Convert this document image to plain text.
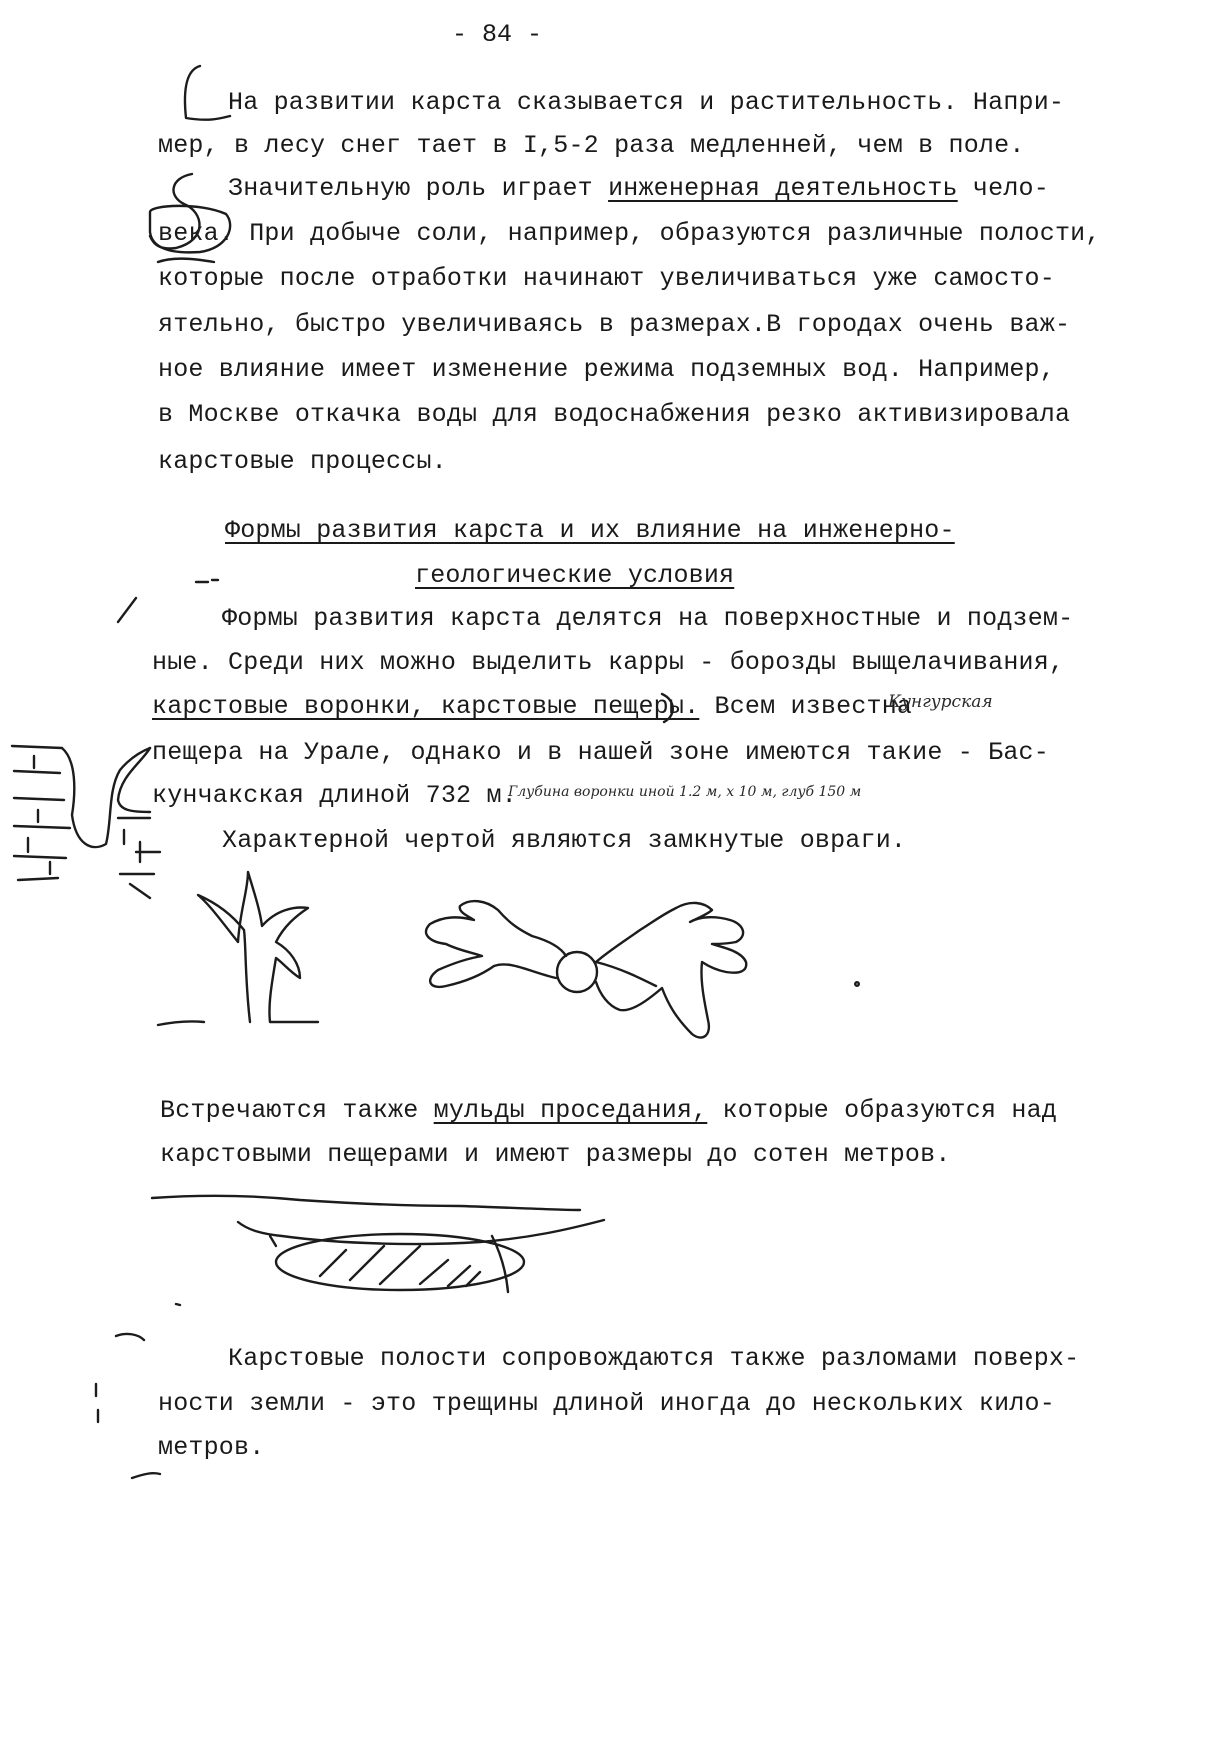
- 84 -
На развитии карста сказывается и растительность. Напри-
мер, в лесу снег тает в I,5-2 раза медленней, чем в поле.
Значительную роль играет инженерная деятельность чело-
века. При добыче соли, например, образуются различные полости,
которые после отработки начинают увеличиваться уже самосто-
ятельно, быстро увеличиваясь в размерах.В городах очень важ-
ное влияние имеет изменение режима подземных вод. Например,
в Москве откачка воды для водоснабжения резко активизировала
карстовые процессы.
Формы развития карста и их влияние на инженерно-
геологические условия
Формы развития карста делятся на поверхностные и подзем-
ные. Среди них можно выделить карры - борозды выщелачивания,
карстовые воронки, карстовые пещеры. Всем известна
Кунгурская
пещера на Урале, однако и в нашей зоне имеются такие - Бас-
кунчакская длиной 732 м.
Глубина воронки иной 1.2 м, х 10 м, глуб 150 м
Характерной чертой являются замкнутые овраги.
Встречаются также мульды проседания, которые образуются над
карстовыми пещерами и имеют размеры до сотен метров.
Карстовые полости сопровождаются также разломами поверх-
ности земли - это трещины длиной иногда до нескольких кило-
метров.
